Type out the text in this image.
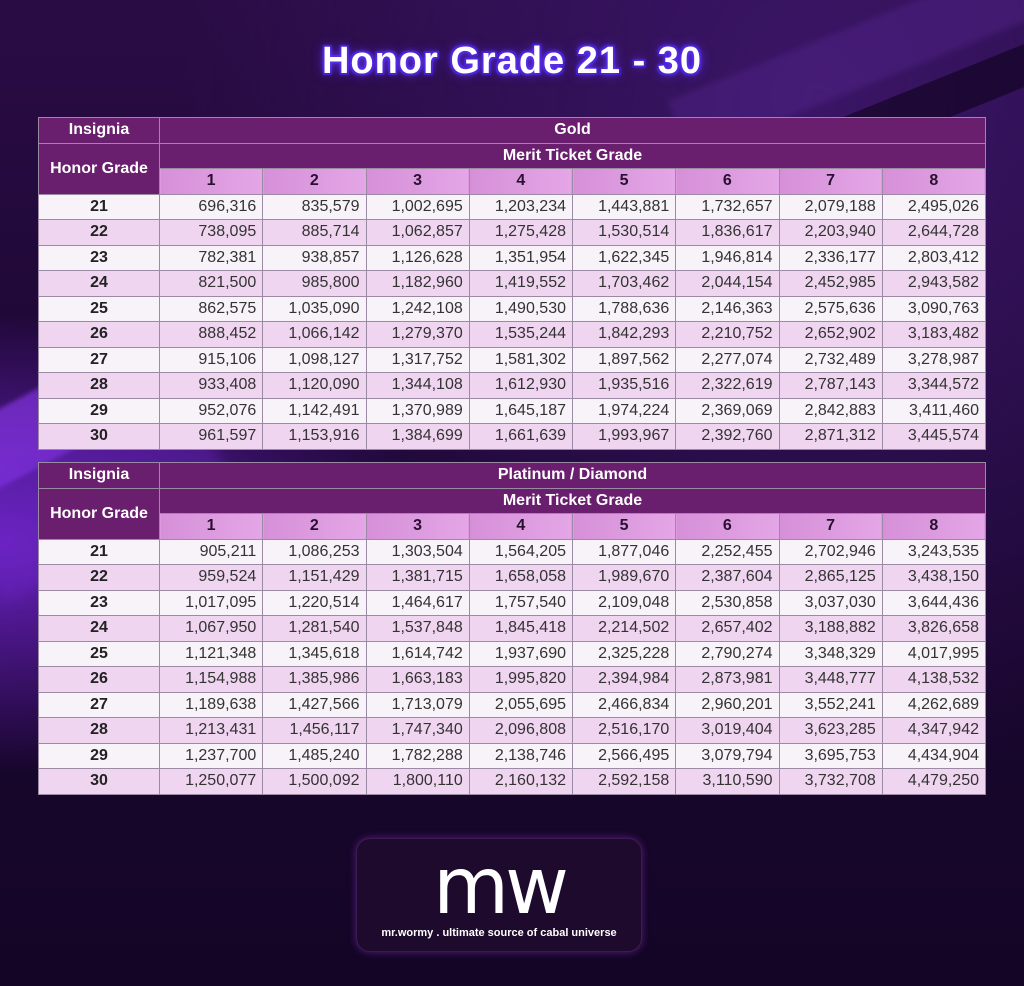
Honor Grade 21 - 30
Insignia	Gold							
Honor Grade	Merit Ticket Grade							
	1	2	3	4	5	6	7	8
21	696,316	835,579	1,002,695	1,203,234	1,443,881	1,732,657	2,079,188	2,495,026
22	738,095	885,714	1,062,857	1,275,428	1,530,514	1,836,617	2,203,940	2,644,728
23	782,381	938,857	1,126,628	1,351,954	1,622,345	1,946,814	2,336,177	2,803,412
24	821,500	985,800	1,182,960	1,419,552	1,703,462	2,044,154	2,452,985	2,943,582
25	862,575	1,035,090	1,242,108	1,490,530	1,788,636	2,146,363	2,575,636	3,090,763
26	888,452	1,066,142	1,279,370	1,535,244	1,842,293	2,210,752	2,652,902	3,183,482
27	915,106	1,098,127	1,317,752	1,581,302	1,897,562	2,277,074	2,732,489	3,278,987
28	933,408	1,120,090	1,344,108	1,612,930	1,935,516	2,322,619	2,787,143	3,344,572
29	952,076	1,142,491	1,370,989	1,645,187	1,974,224	2,369,069	2,842,883	3,411,460
30	961,597	1,153,916	1,384,699	1,661,639	1,993,967	2,392,760	2,871,312	3,445,574
Insignia	Platinum / Diamond							
Honor Grade	Merit Ticket Grade							
	1	2	3	4	5	6	7	8
21	905,211	1,086,253	1,303,504	1,564,205	1,877,046	2,252,455	2,702,946	3,243,535
22	959,524	1,151,429	1,381,715	1,658,058	1,989,670	2,387,604	2,865,125	3,438,150
23	1,017,095	1,220,514	1,464,617	1,757,540	2,109,048	2,530,858	3,037,030	3,644,436
24	1,067,950	1,281,540	1,537,848	1,845,418	2,214,502	2,657,402	3,188,882	3,826,658
25	1,121,348	1,345,618	1,614,742	1,937,690	2,325,228	2,790,274	3,348,329	4,017,995
26	1,154,988	1,385,986	1,663,183	1,995,820	2,394,984	2,873,981	3,448,777	4,138,532
27	1,189,638	1,427,566	1,713,079	2,055,695	2,466,834	2,960,201	3,552,241	4,262,689
28	1,213,431	1,456,117	1,747,340	2,096,808	2,516,170	3,019,404	3,623,285	4,347,942
29	1,237,700	1,485,240	1,782,288	2,138,746	2,566,495	3,079,794	3,695,753	4,434,904
30	1,250,077	1,500,092	1,800,110	2,160,132	2,592,158	3,110,590	3,732,708	4,479,250
mw
mr.wormy . ultimate source of cabal universe
